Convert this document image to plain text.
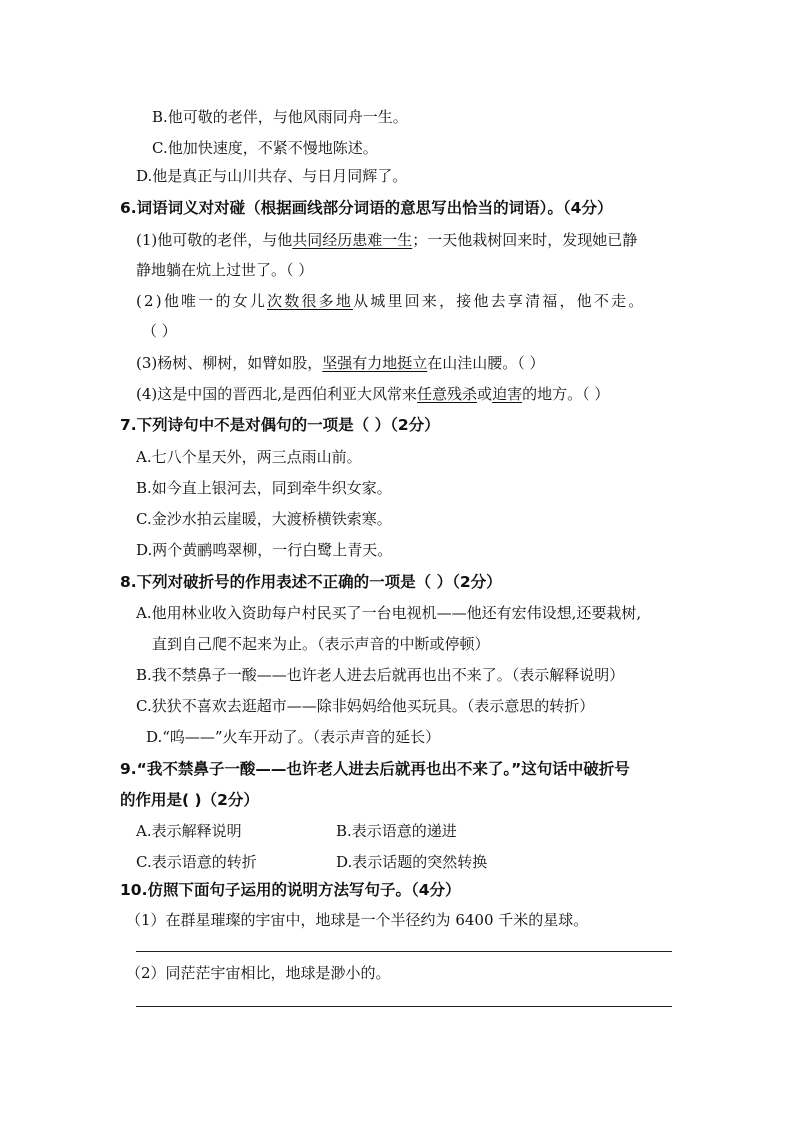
B.他可敬的老伴，与他风雨同舟一生。
C.他加快速度，不紧不慢地陈述。
D.他是真正与山川共存、与日月同辉了。
6.词语词义对对碰（根据画线部分词语的意思写出恰当的词语）。（4分）
(1)他可敬的老伴，与他共同经历患难一生；一天他栽树回来时，发现她已静
静地躺在炕上过世了。（ ）
(2)他唯一的女儿次数很多地从城里回来，接他去享清福，他不走。
（ ）
(3)杨树、柳树，如臂如股，坚强有力地挺立在山洼山腰。（ ）
(4)这是中国的晋西北,是西伯利亚大风常来任意残杀或迫害的地方。（ ）
7.下列诗句中不是对偶句的一项是（ ）（2分）
A.七八个星天外，两三点雨山前。
B.如今直上银河去，同到牵牛织女家。
C.金沙水拍云崖暖，大渡桥横铁索寒。
D.两个黄鹂鸣翠柳，一行白鹭上青天。
8.下列对破折号的作用表述不正确的一项是（ ）（2分）
A.他用林业收入资助每户村民买了一台电视机——他还有宏伟设想,还要栽树,
直到自己爬不起来为止。（表示声音的中断或停顿）
B.我不禁鼻子一酸——也许老人进去后就再也出不来了。（表示解释说明）
C.犾犾不喜欢去逛超市——除非妈妈给他买玩具。（表示意思的转折）
D.“呜——”火车开动了。（表示声音的延长）
9.“我不禁鼻子一酸——也许老人进去后就再也出不来了。”这句话中破折号
的作用是( )（2分）
A.表示解释说明	B.表示语意的递进
C.表示语意的转折	D.表示话题的突然转换
10.仿照下面句子运用的说明方法写句子。（4分）
（1）在群星璀璨的宇宙中，地球是一个半径约为 6400 千米的星球。
（2）同茫茫宇宙相比，地球是渺小的。
